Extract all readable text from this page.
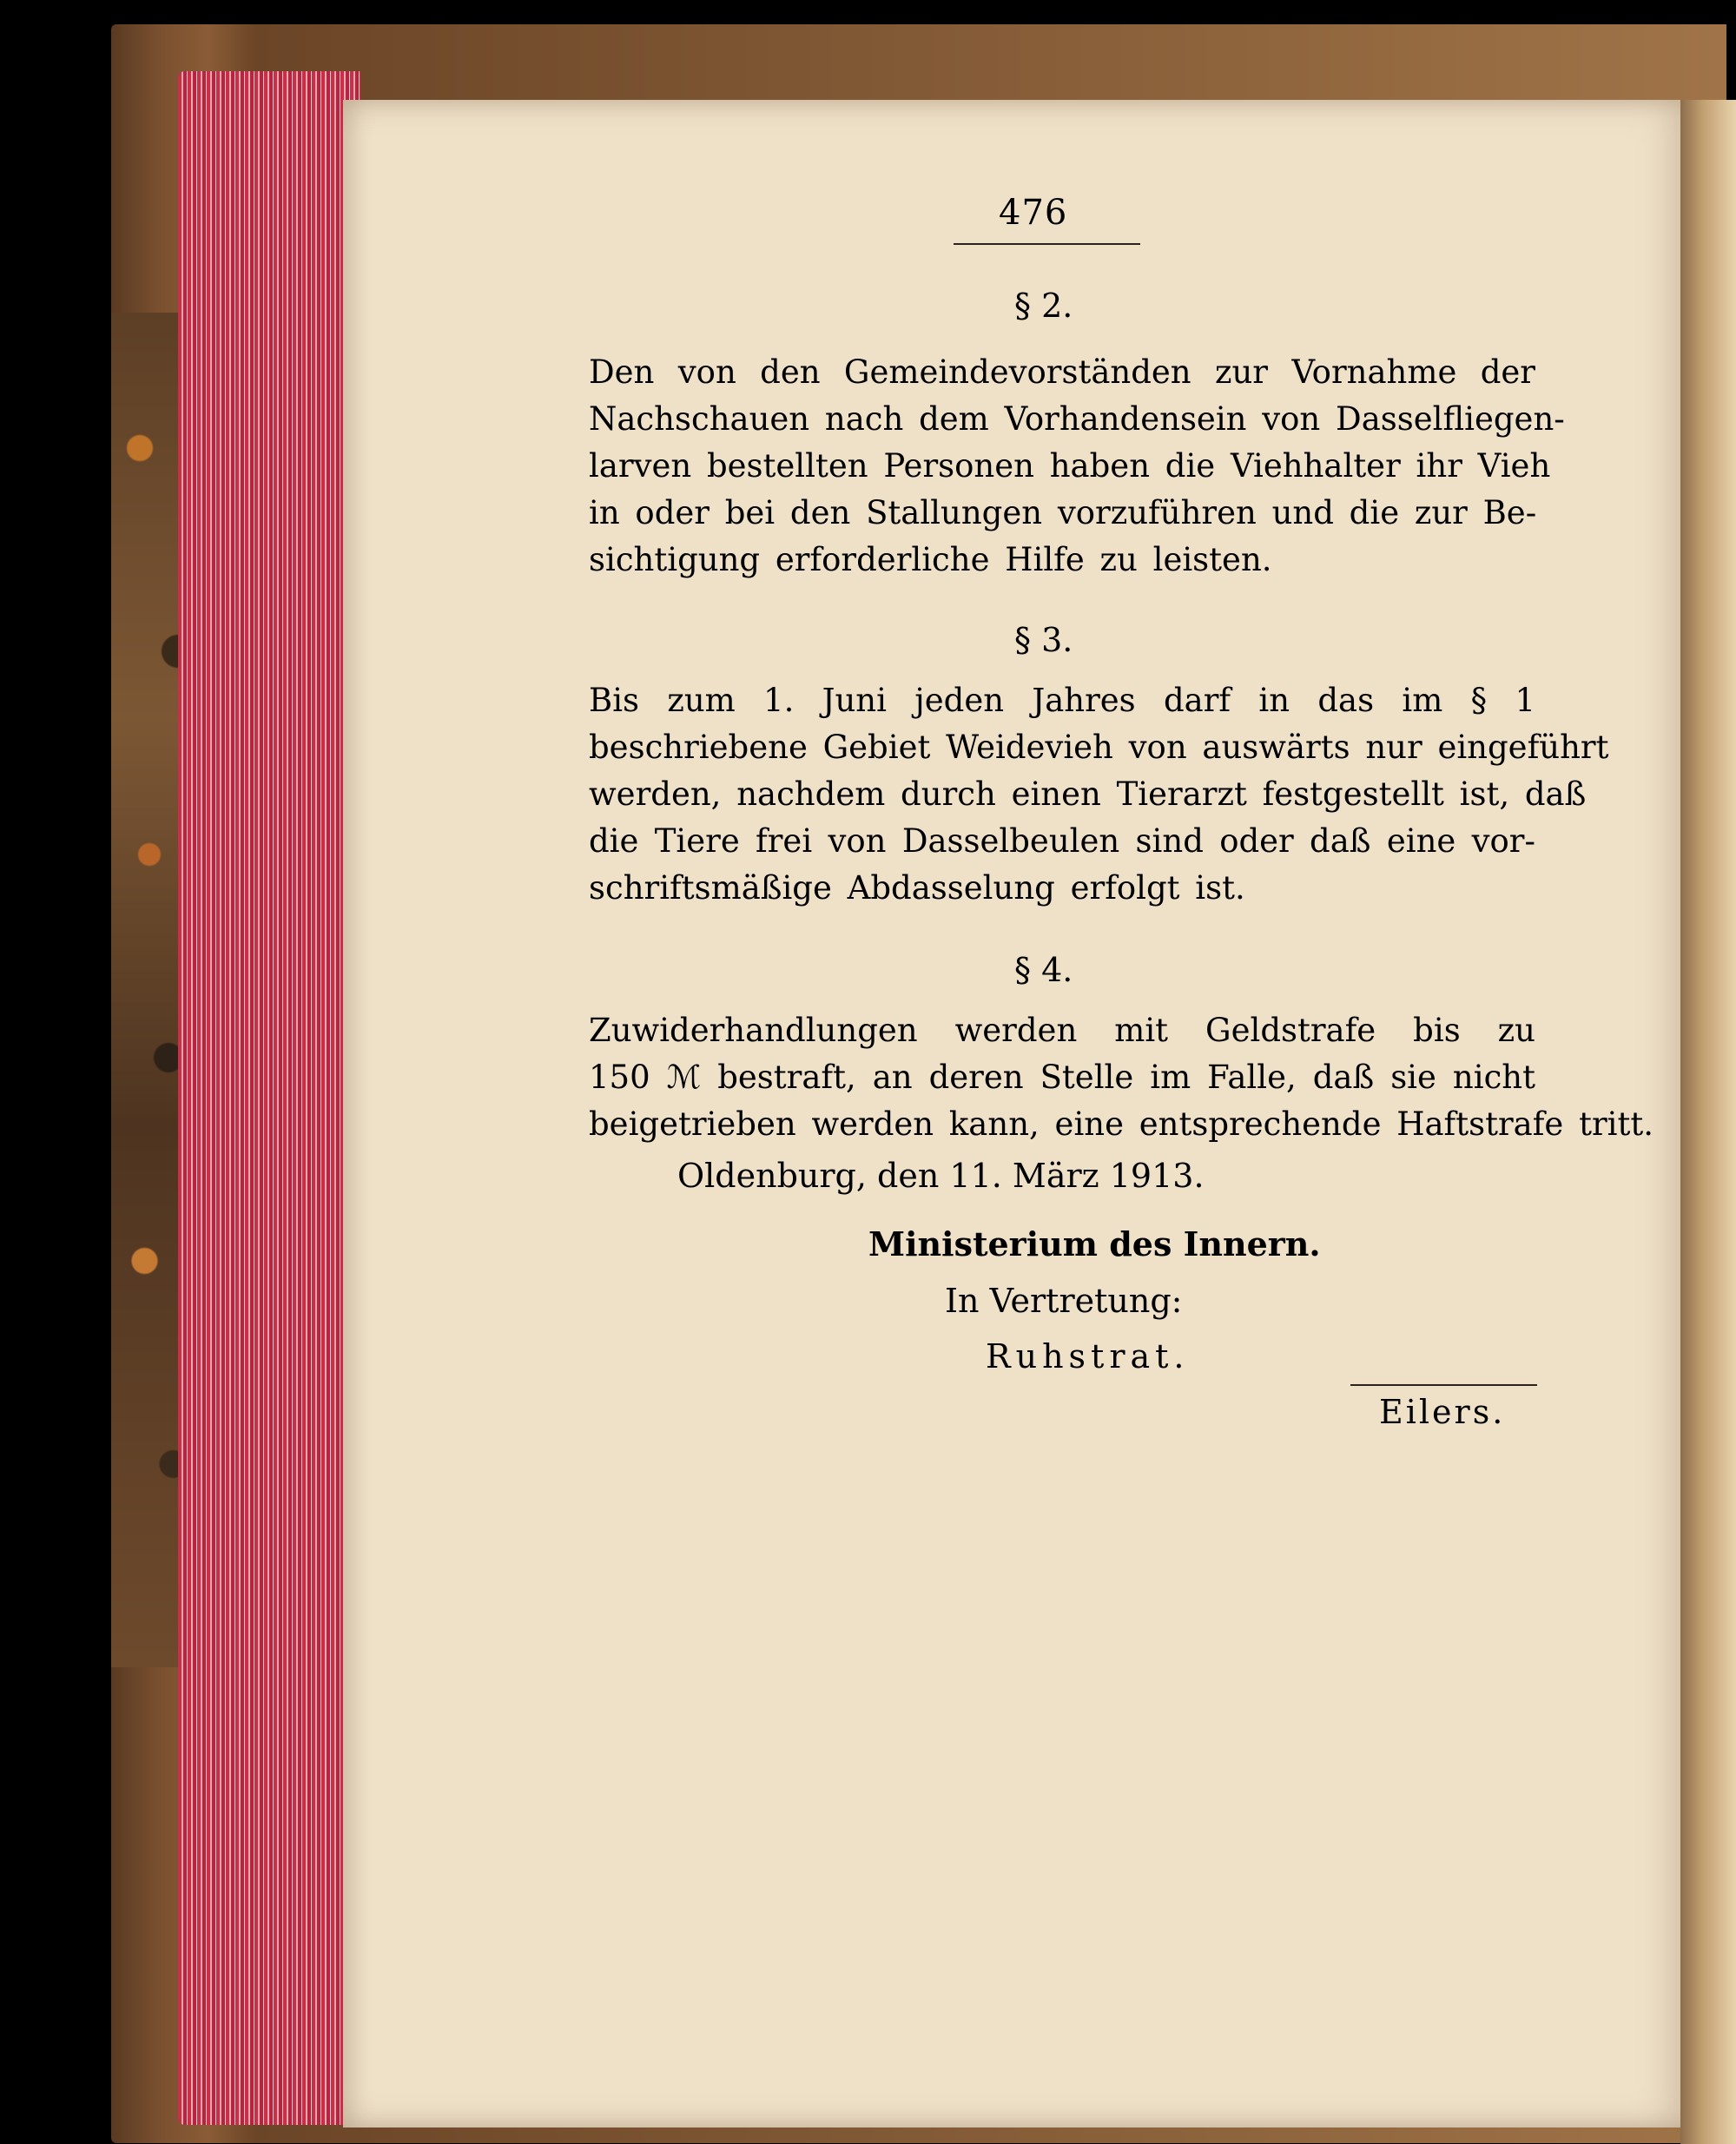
476
§ 2.
Den von den Gemeindevorständen zur Vornahme der
Nachschauen nach dem Vorhandensein von Dasselfliegen-
larven bestellten Personen haben die Viehhalter ihr Vieh
in oder bei den Stallungen vorzuführen und die zur Be-
sichtigung erforderliche Hilfe zu leisten.
§ 3.
Bis zum 1. Juni jeden Jahres darf in das im § 1
beschriebene Gebiet Weidevieh von auswärts nur eingeführt
werden, nachdem durch einen Tierarzt festgestellt ist, daß
die Tiere frei von Dasselbeulen sind oder daß eine vor-
schriftsmäßige Abdasselung erfolgt ist.
§ 4.
Zuwiderhandlungen werden mit Geldstrafe bis zu
150 ℳ bestraft, an deren Stelle im Falle, daß sie nicht
beigetrieben werden kann, eine entsprechende Haftstrafe tritt.
Oldenburg, den 11. März 1913.
Ministerium des Innern.
In Vertretung:
Ruhstrat.
Eilers.
